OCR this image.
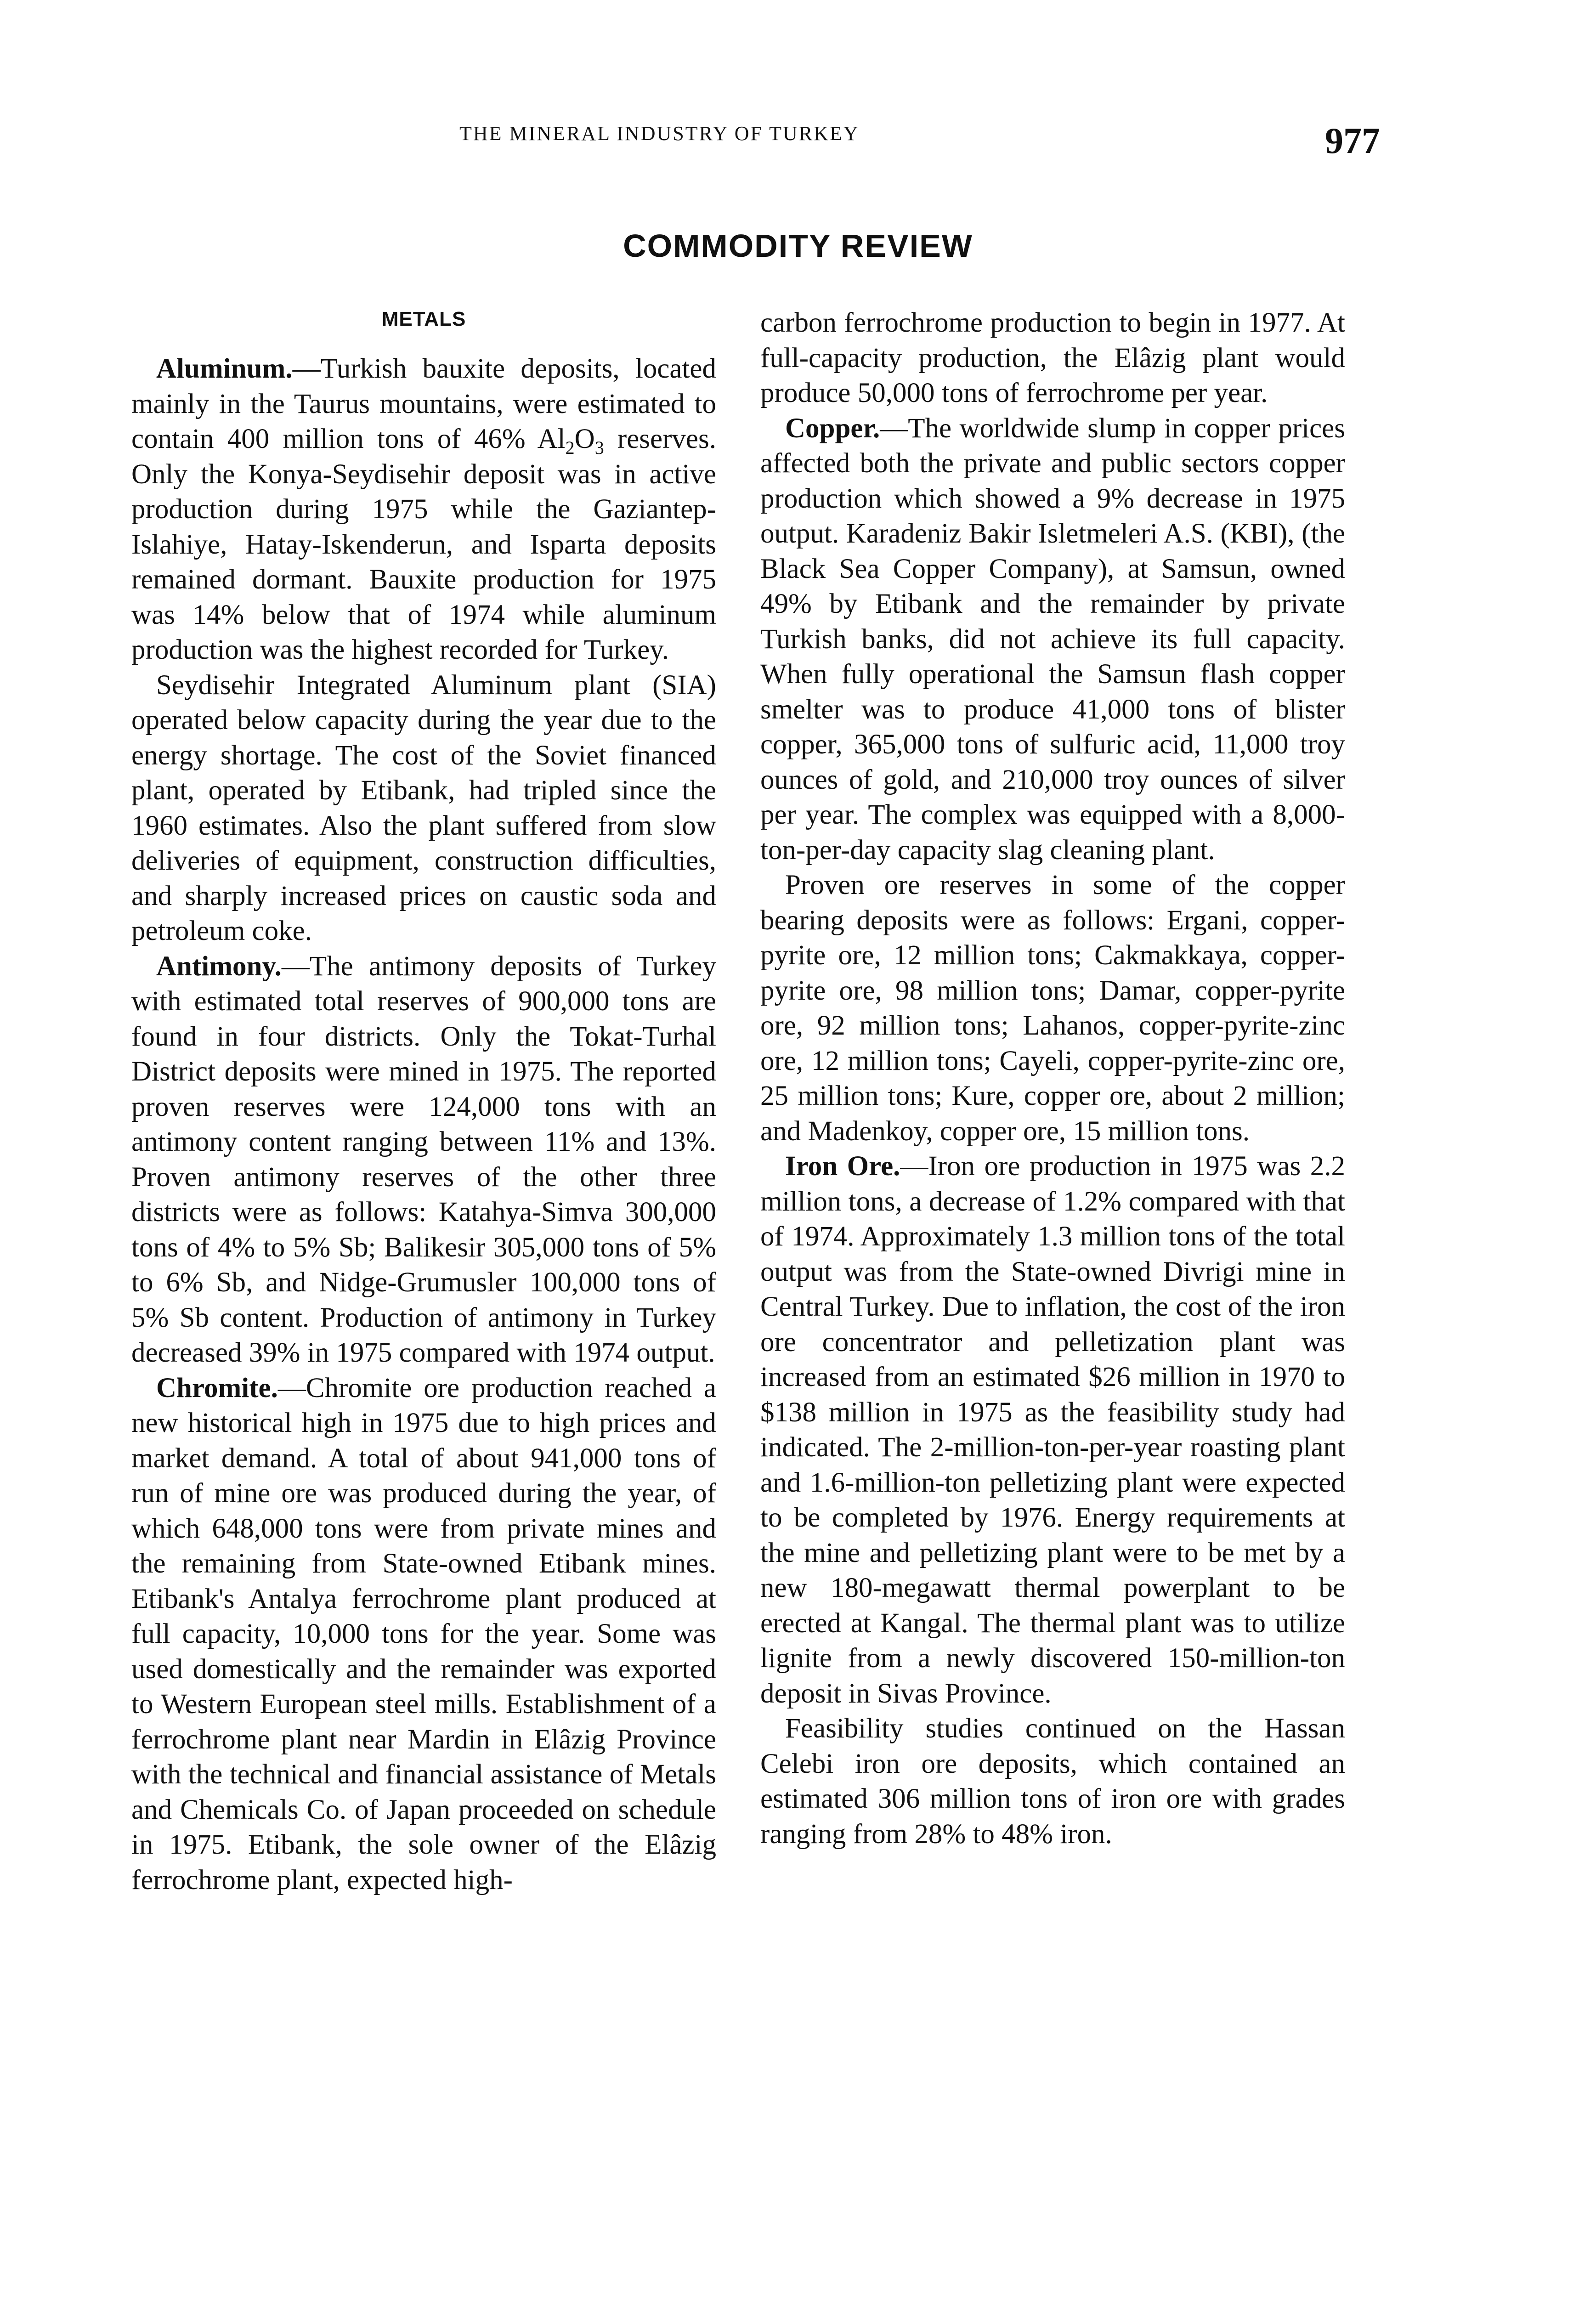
THE MINERAL INDUSTRY OF TURKEY	977
COMMODITY REVIEW
METALS

Aluminum.—Turkish bauxite deposits, located mainly in the Taurus mountains, were estimated to contain 400 million tons of 46% $Al_2O_3$ reserves. Only the Konya-Seydisehir deposit was in active production during 1975 while the Gaziantep-Islahiye, Hatay-Iskenderun, and Isparta deposits remained dormant. Bauxite production for 1975 was 14% below that of 1974 while aluminum production was the highest recorded for Turkey.

Seydisehir Integrated Aluminum plant (SIA) operated below capacity during the year due to the energy shortage. The cost of the Soviet financed plant, operated by Etibank, had tripled since the 1960 estimates. Also the plant suffered from slow deliveries of equipment, construction difficulties, and sharply increased prices on caustic soda and petroleum coke.

Antimony.—The antimony deposits of Turkey with estimated total reserves of 900,000 tons are found in four districts. Only the Tokat-Turhal District deposits were mined in 1975. The reported proven reserves were 124,000 tons with an antimony content ranging between 11% and 13%. Proven antimony reserves of the other three districts were as follows: Katahya-Simva 300,000 tons of 4% to 5% Sb; Balikesir 305,000 tons of 5% to 6% Sb, and Nidge-Grumusler 100,000 tons of 5% Sb content. Production of antimony in Turkey decreased 39% in 1975 compared with 1974 output.

Chromite.—Chromite ore production reached a new historical high in 1975 due to high prices and market demand. A total of about 941,000 tons of run of mine ore was produced during the year, of which 648,000 tons were from private mines and the remaining from State-owned Etibank mines. Etibank's Antalya ferrochrome plant produced at full capacity, 10,000 tons for the year. Some was used domestically and the remainder was exported to Western European steel mills. Establishment of a ferrochrome plant near Mardin in Elâzig Province with the technical and financial assistance of Metals and Chemicals Co. of Japan proceeded on schedule in 1975. Etibank, the sole owner of the Elâzig ferrochrome plant, expected high-

carbon ferrochrome production to begin in 1977. At full-capacity production, the Elâzig plant would produce 50,000 tons of ferrochrome per year.

Copper.—The worldwide slump in copper prices affected both the private and public sectors copper production which showed a 9% decrease in 1975 output. Karadeniz Bakir Isletmeleri A.S. (KBI), (the Black Sea Copper Company), at Samsun, owned 49% by Etibank and the remainder by private Turkish banks, did not achieve its full capacity. When fully operational the Samsun flash copper smelter was to produce 41,000 tons of blister copper, 365,000 tons of sulfuric acid, 11,000 troy ounces of gold, and 210,000 troy ounces of silver per year. The complex was equipped with a 8,000-ton-per-day capacity slag cleaning plant.

Proven ore reserves in some of the copper bearing deposits were as follows: Ergani, copper-pyrite ore, 12 million tons; Cakmakkaya, copper-pyrite ore, 98 million tons; Damar, copper-pyrite ore, 92 million tons; Lahanos, copper-pyrite-zinc ore, 12 million tons; Cayeli, copper-pyrite-zinc ore, 25 million tons; Kure, copper ore, about 2 million; and Madenkoy, copper ore, 15 million tons.

Iron Ore.—Iron ore production in 1975 was 2.2 million tons, a decrease of 1.2% compared with that of 1974. Approximately 1.3 million tons of the total output was from the State-owned Divrigi mine in Central Turkey. Due to inflation, the cost of the iron ore concentrator and pelletization plant was increased from an estimated $26 million in 1970 to $138 million in 1975 as the feasibility study had indicated. The 2-million-ton-per-year roasting plant and 1.6-million-ton pelletizing plant were expected to be completed by 1976. Energy requirements at the mine and pelletizing plant were to be met by a new 180-megawatt thermal powerplant to be erected at Kangal. The thermal plant was to utilize lignite from a newly discovered 150-million-ton deposit in Sivas Province.

Feasibility studies continued on the Hassan Celebi iron ore deposits, which contained an estimated 306 million tons of iron ore with grades ranging from 28% to 48% iron.
